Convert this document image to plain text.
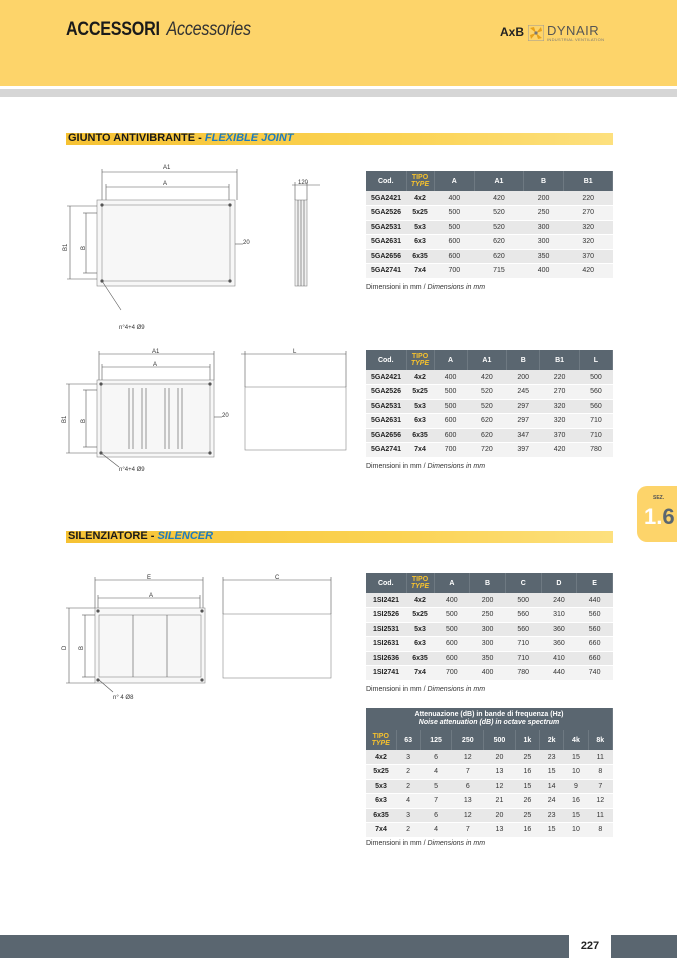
ACCESSORI Accessories	AxB DYNAIR
INDUSTRIAL VENTILATION
GIUNTO ANTIVIBRANTE - FLEXIBLE JOINT
A1
A
B1 B
20
120
n°4+4 Ø9
Cod.	TIPO
TYPE	A	A1	B	B1
5GA2421	4x2	400	420	200	220
5GA2526	5x25	500	520	250	270
5GA2531	5x3	500	520	300	320
5GA2631	6x3	600	620	300	320
5GA2656	6x35	600	620	350	370
5GA2741	7x4	700	715	400	420
Dimensioni in mm / Dimensions in mm
A1
A
B1 B
20
L
n°4+4 Ø9
Cod.	TIPO
TYPE	A	A1	B	B1	L
5GA2421	4x2	400	420	200	220	500
5GA2526	5x25	500	520	245	270	560
5GA2531	5x3	500	520	297	320	560
5GA2631	6x3	600	620	297	320	710
5GA2656	6x35	600	620	347	370	710
5GA2741	7x4	700	720	397	420	780
Dimensioni in mm / Dimensions in mm
SEZ.
1.6
SILENZIATORE - SILENCER
E
A
D B
C
n° 4 Ø8
Cod.	TIPO
TYPE	A	B	C	D	E
1SI2421	4x2	400	200	500	240	440
1SI2526	5x25	500	250	560	310	560
1SI2531	5x3	500	300	560	360	560
1SI2631	6x3	600	300	710	360	660
1SI2636	6x35	600	350	710	410	660
1SI2741	7x4	700	400	780	440	740
Dimensioni in mm / Dimensions in mm
Attenuazione (dB) in bande di frequenza (Hz)
Noise attenuation (dB) in octave spectrum								

TIPO
TYPE	63	125	250	500	1k	2k	4k	8k
4x2	3	6	12	20	25	23	15	11
5x25	2	4	7	13	16	15	10	8
5x3	2	5	6	12	15	14	9	7
6x3	4	7	13	21	26	24	16	12
6x35	3	6	12	20	25	23	15	11
7x4	2	4	7	13	16	15	10	8
Dimensioni in mm / Dimensions in mm
227
